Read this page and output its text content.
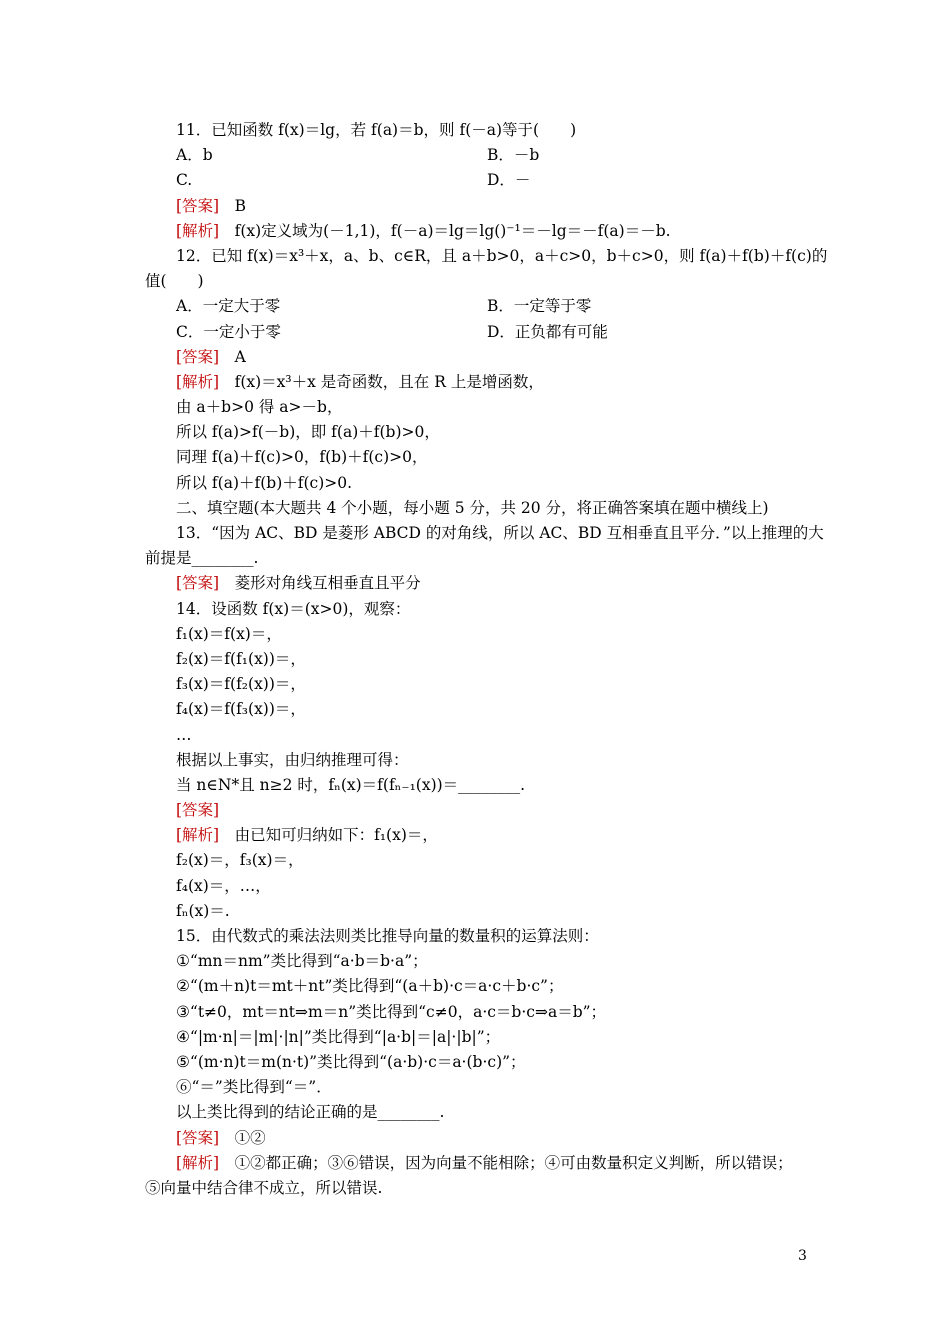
11．已知函数 f(x)＝lg，若 f(a)＝b，则 f(－a)等于(　　)
A．b	B．－b
C.	D．－
[答案]　B
[解析]　f(x)定义域为(－1,1)，f(－a)＝lg＝lg()⁻¹＝－lg＝－f(a)＝－b.
12．已知 f(x)＝x³＋x，a、b、c∈R，且 a＋b>0，a＋c>0，b＋c>0，则 f(a)＋f(b)＋f(c)的
值(　　)
A．一定大于零	B．一定等于零
C．一定小于零	D．正负都有可能
[答案]　A
[解析]　f(x)＝x³＋x 是奇函数，且在 R 上是增函数，
由 a＋b>0 得 a>－b，
所以 f(a)>f(－b)，即 f(a)＋f(b)>0，
同理 f(a)＋f(c)>0，f(b)＋f(c)>0，
所以 f(a)＋f(b)＋f(c)>0.
二、填空题(本大题共 4 个小题，每小题 5 分，共 20 分，将正确答案填在题中横线上)
13．“因为 AC、BD 是菱形 ABCD 的对角线，所以 AC、BD 互相垂直且平分．”以上推理的大
前提是________.
[答案]　菱形对角线互相垂直且平分
14．设函数 f(x)＝(x>0)，观察：
f₁(x)＝f(x)＝，
f₂(x)＝f(f₁(x))＝，
f₃(x)＝f(f₂(x))＝，
f₄(x)＝f(f₃(x))＝，
…
根据以上事实，由归纳推理可得：
当 n∈N*且 n≥2 时，fₙ(x)＝f(fₙ₋₁(x))＝________.
[答案]
[解析]　由已知可归纳如下：f₁(x)＝，
f₂(x)＝，f₃(x)＝，
f₄(x)＝，…，
fₙ(x)＝.
15．由代数式的乘法法则类比推导向量的数量积的运算法则：
①“mn＝nm”类比得到“a·b＝b·a”；
②“(m＋n)t＝mt＋nt”类比得到“(a＋b)·c＝a·c＋b·c”；
③“t≠0，mt＝nt⇒m＝n”类比得到“c≠0，a·c＝b·c⇒a＝b”；
④“|m·n|＝|m|·|n|”类比得到“|a·b|＝|a|·|b|”；
⑤“(m·n)t＝m(n·t)”类比得到“(a·b)·c＝a·(b·c)”；
⑥“＝”类比得到“＝”．
以上类比得到的结论正确的是________.
[答案]　①②
[解析]　①②都正确；③⑥错误，因为向量不能相除；④可由数量积定义判断，所以错误；
⑤向量中结合律不成立，所以错误.
3
